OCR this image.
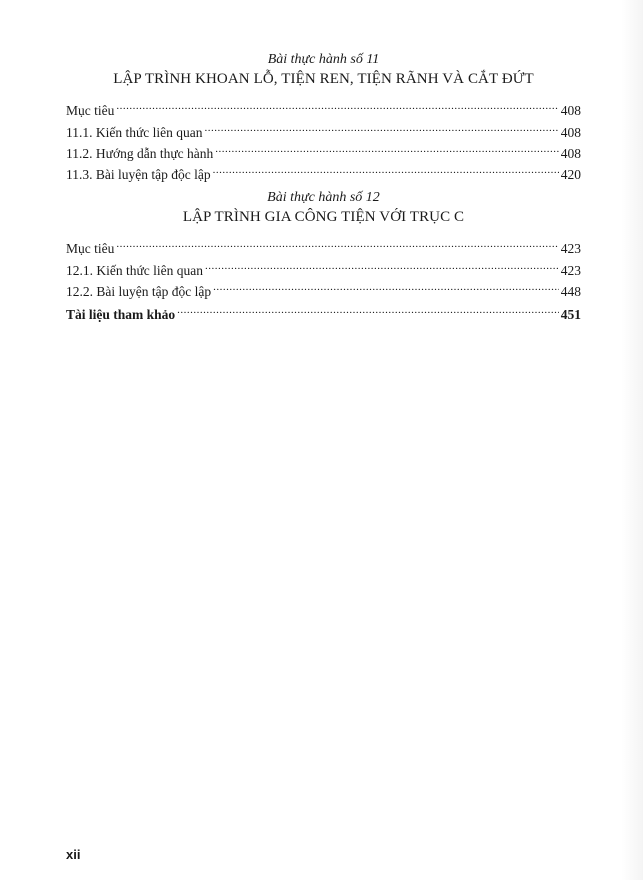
Bài thực hành số 11

LẬP TRÌNH KHOAN LỖ, TIỆN REN, TIỆN RÃNH VÀ CẮT ĐỨT

Mục tiêu .....	408
11.1. Kiến thức liên quan .....	408
11.2. Hướng dẫn thực hành .....	408
11.3. Bài luyện tập độc lập .....	420

Bài thực hành số 12

LẬP TRÌNH GIA CÔNG TIỆN VỚI TRỤC C

Mục tiêu .....	423
12.1. Kiến thức liên quan .....	423
12.2. Bài luyện tập độc lập .....	448
Tài liệu tham khảo .....	451
xii
